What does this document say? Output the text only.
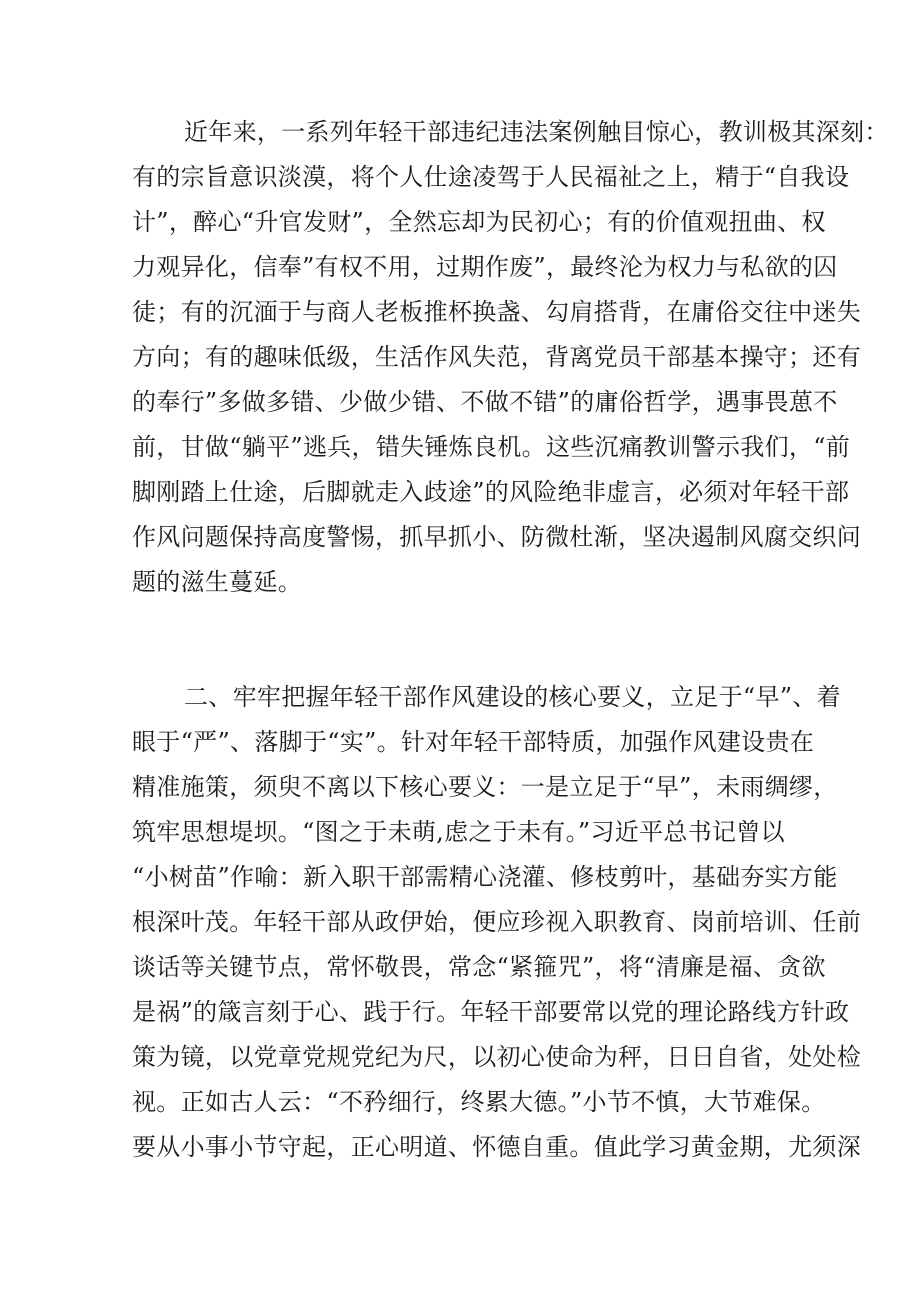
近年来，一系列年轻干部违纪违法案例触目惊心，教训极其深刻：
有的宗旨意识淡漠，将个人仕途凌驾于人民福祉之上，精于“自我设
计”，醉心“升官发财”，全然忘却为民初心；有的价值观扭曲、权
力观异化，信奉”有权不用，过期作废”，最终沦为权力与私欲的囚
徒；有的沉湎于与商人老板推杯换盏、勾肩搭背，在庸俗交往中迷失
方向；有的趣味低级，生活作风失范，背离党员干部基本操守；还有
的奉行”多做多错、少做少错、不做不错”的庸俗哲学，遇事畏葸不
前，甘做“躺平”逃兵，错失锤炼良机。这些沉痛教训警示我们，“前
脚刚踏上仕途，后脚就走入歧途”的风险绝非虚言，必须对年轻干部
作风问题保持高度警惕，抓早抓小、防微杜渐，坚决遏制风腐交织问
题的滋生蔓延。
二、牢牢把握年轻干部作风建设的核心要义，立足于“早”、着
眼于“严”、落脚于“实”。针对年轻干部特质，加强作风建设贵在
精准施策，须臾不离以下核心要义：一是立足于“早”，未雨绸缪，
筑牢思想堤坝。“图之于未萌,虑之于未有。”习近平总书记曾以
“小树苗”作喻：新入职干部需精心浇灌、修枝剪叶，基础夯实方能
根深叶茂。年轻干部从政伊始，便应珍视入职教育、岗前培训、任前
谈话等关键节点，常怀敬畏，常念“紧箍咒”，将“清廉是福、贪欲
是祸”的箴言刻于心、践于行。年轻干部要常以党的理论路线方针政
策为镜，以党章党规党纪为尺，以初心使命为秤，日日自省，处处检
视。正如古人云：“不矜细行，终累大德。”小节不慎，大节难保。
要从小事小节守起，正心明道、怀德自重。值此学习黄金期，尤须深
